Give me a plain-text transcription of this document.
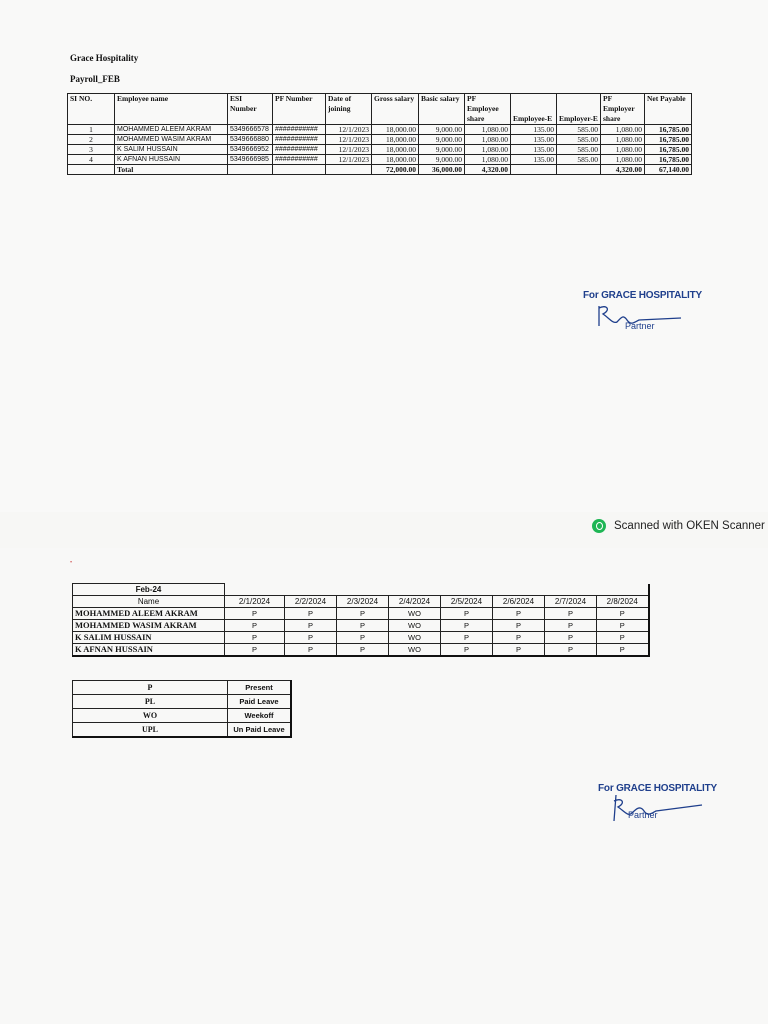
Grace Hospitality
Payroll_FEB
SI NO.	Employee name	ESI Number	PF Number	Date of joining	Gross salary	Basic salary	PF Employee share	Employee-E	Employer-E	PF Employer share	Net Payable
1	MOHAMMED ALEEM AKRAM	5349666578	###########	12/1/2023	18,000.00	9,000.00	1,080.00	135.00	585.00	1,080.00	16,785.00
2	MOHAMMED WASIM AKRAM	5349666880	###########	12/1/2023	18,000.00	9,000.00	1,080.00	135.00	585.00	1,080.00	16,785.00
3	K SALIM HUSSAIN	5349666952	###########	12/1/2023	18,000.00	9,000.00	1,080.00	135.00	585.00	1,080.00	16,785.00
4	K AFNAN HUSSAIN	5349666985	###########	12/1/2023	18,000.00	9,000.00	1,080.00	135.00	585.00	1,080.00	16,785.00
	Total				72,000.00	36,000.00	4,320.00			4,320.00	67,140.00
For GRACE HOSPITALITY
Partner
Scanned with OKEN Scanner
•
Feb-24								
Name	2/1/2024	2/2/2024	2/3/2024	2/4/2024	2/5/2024	2/6/2024	2/7/2024	2/8/2024
MOHAMMED ALEEM AKRAM	P	P	P	WO	P	P	P	P
MOHAMMED WASIM AKRAM	P	P	P	WO	P	P	P	P
K SALIM HUSSAIN	P	P	P	WO	P	P	P	P
K AFNAN HUSSAIN	P	P	P	WO	P	P	P	P
P	Present
PL	Paid Leave
WO	Weekoff
UPL	Un Paid Leave
For GRACE HOSPITALITY
Partner
